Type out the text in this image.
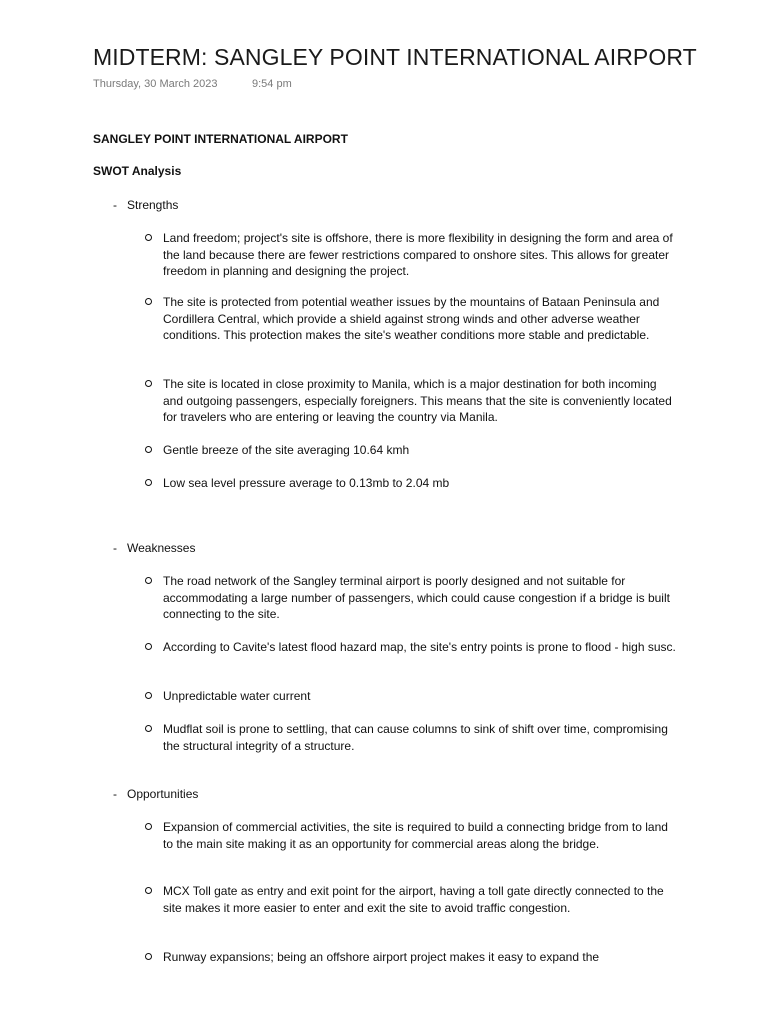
MIDTERM: SANGLEY POINT INTERNATIONAL AIRPORT
Thursday, 30 March 2023	9:54 pm
SANGLEY POINT INTERNATIONAL AIRPORT
SWOT Analysis
- Strengths
Land freedom; project's site is offshore, there is more flexibility in designing the form and area of the land because there are fewer restrictions compared to onshore sites. This allows for greater freedom in planning and designing the project.
The site is protected from potential weather issues by the mountains of Bataan Peninsula and Cordillera Central, which provide a shield against strong winds and other adverse weather conditions. This protection makes the site's weather conditions more stable and predictable.
The site is located in close proximity to Manila, which is a major destination for both incoming and outgoing passengers, especially foreigners. This means that the site is conveniently located for travelers who are entering or leaving the country via Manila.
Gentle breeze of the site averaging 10.64 kmh
Low sea level pressure average to 0.13mb to 2.04 mb
- Weaknesses
The road network of the Sangley terminal airport is poorly designed and not suitable for accommodating a large number of passengers, which could cause congestion if a bridge is built connecting to the site.
According to Cavite's latest flood hazard map, the site's entry points is prone to flood - high susc.
Unpredictable water current
Mudflat soil is prone to settling, that can cause columns to sink of shift over time, compromising the structural integrity of a structure.
- Opportunities
Expansion of commercial activities, the site is required to build a connecting bridge from to land to the main site making it as an opportunity for commercial areas along the bridge.
MCX Toll gate as entry and exit point for the airport, having a toll gate directly connected to the site makes it more easier to enter and exit the site to avoid traffic congestion.
Runway expansions; being an offshore airport project makes it easy to expand the
